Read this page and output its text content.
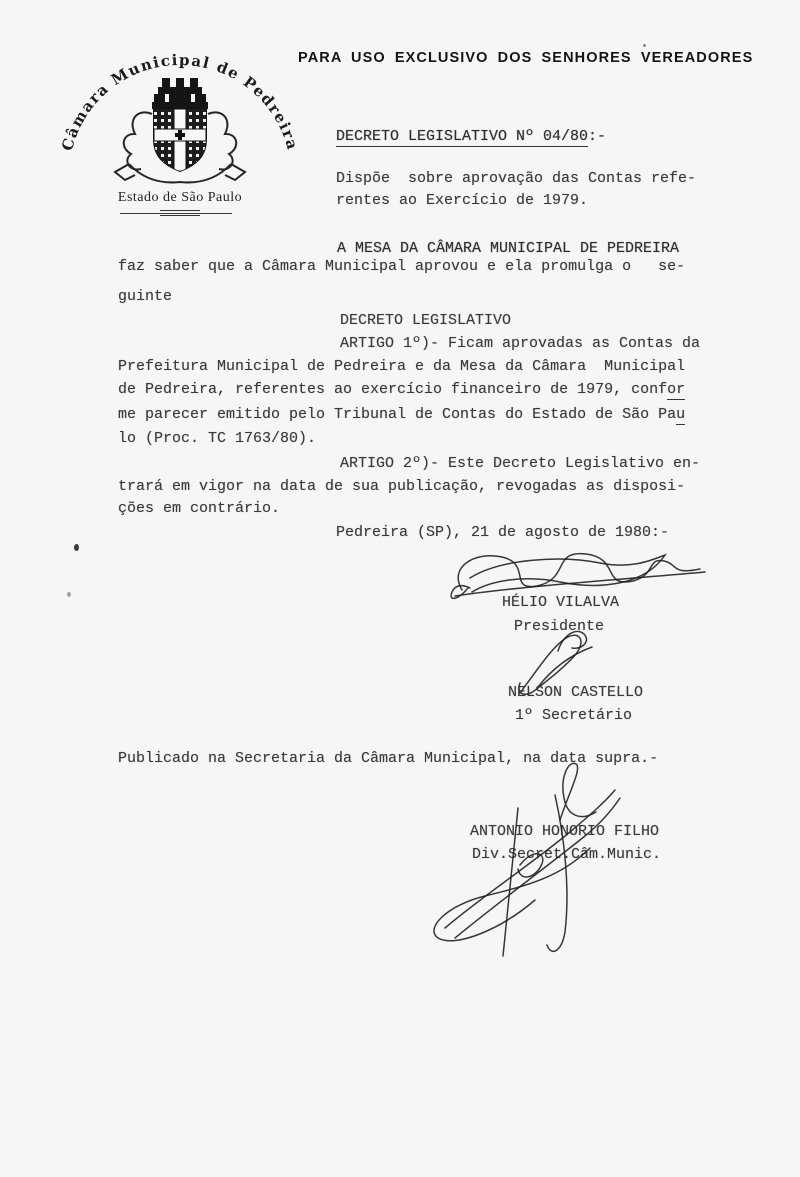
PARA USO EXCLUSIVO DOS SENHORES VEREADORES
Câmara Municipal de Pedreira
Estado de São Paulo
DECRETO LEGISLATIVO Nº 04/80:-
Dispõe  sobre aprovação das Contas refe-
rentes ao Exercício de 1979.
A MESA DA CÂMARA MUNICIPAL DE PEDREIRA
faz saber que a Câmara Municipal aprovou e ela promulga o   se-
guinte
DECRETO LEGISLATIVO
ARTIGO 1º)- Ficam aprovadas as Contas da
Prefeitura Municipal de Pedreira e da Mesa da Câmara  Municipal
de Pedreira, referentes ao exercício financeiro de 1979, confor
me parecer emitido pelo Tribunal de Contas do Estado de São Pau
lo (Proc. TC 1763/80).
ARTIGO 2º)- Este Decreto Legislativo en-
trará em vigor na data de sua publicação, revogadas as disposi-
ções em contrário.
Pedreira (SP), 21 de agosto de 1980:-
HÉLIO VILALVA
Presidente
NELSON CASTELLO
1º Secretário
Publicado na Secretaria da Câmara Municipal, na data supra.-
ANTONIO HONORIO FILHO
Div.Secret.Câm.Munic.
